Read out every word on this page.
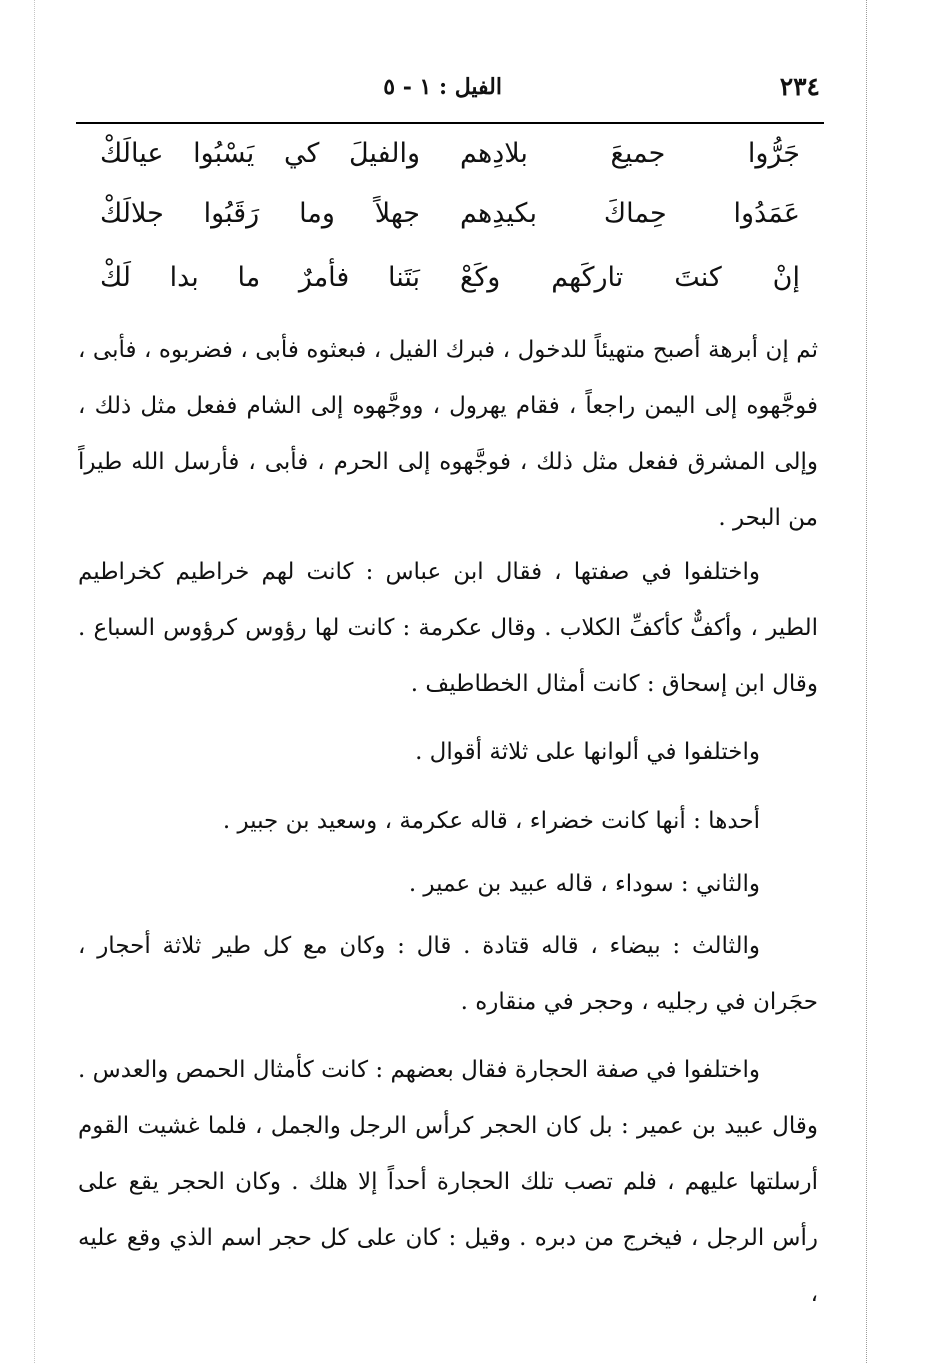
٢٣٤
الفيل : ١ - ٥
جَرُّوا جميعَ بلادِهم
والفيلَ كي يَسْبُوا عيالَكْ
عَمَدُوا حِماكَ بكيدِهم
جهلاً وما رَقَبُوا جلالَكْ
إنْ كنتَ تاركَهم وكَعْ
بَتَنا فأمرٌ ما بدا لَكْ

ثم إن أبرهة أصبح متهيئاً للدخول ، فبرك الفيل ، فبعثوه فأبى ، فضربوه ، فأبى ، فوجَّهوه إلى اليمن راجعاً ، فقام يهرول ، ووجَّهوه إلى الشام ففعل مثل ذلك ، وإلى المشرق ففعل مثل ذلك ، فوجَّهوه إلى الحرم ، فأبى ، فأرسل الله طيراً من البحر .

واختلفوا في صفتها ، فقال ابن عباس : كانت لهم خراطيم كخراطيم الطير ، وأكفٌّ كأكفِّ الكلاب . وقال عكرمة : كانت لها رؤوس كرؤوس السباع . وقال ابن إسحاق : كانت أمثال الخطاطيف .

واختلفوا في ألوانها على ثلاثة أقوال .

أحدها : أنها كانت خضراء ، قاله عكرمة ، وسعيد بن جبير .

والثاني : سوداء ، قاله عبيد بن عمير .

والثالث : بيضاء ، قاله قتادة . قال : وكان مع كل طير ثلاثة أحجار ، حجَران في رجليه ، وحجر في منقاره .

واختلفوا في صفة الحجارة فقال بعضهم : كانت كأمثال الحمص والعدس . وقال عبيد بن عمير : بل كان الحجر كرأس الرجل والجمل ، فلما غشيت القوم أرسلتها عليهم ، فلم تصب تلك الحجارة أحداً إلا هلك . وكان الحجر يقع على رأس الرجل ، فيخرج من دبره . وقيل : كان على كل حجر اسم الذي وقع عليه ،
